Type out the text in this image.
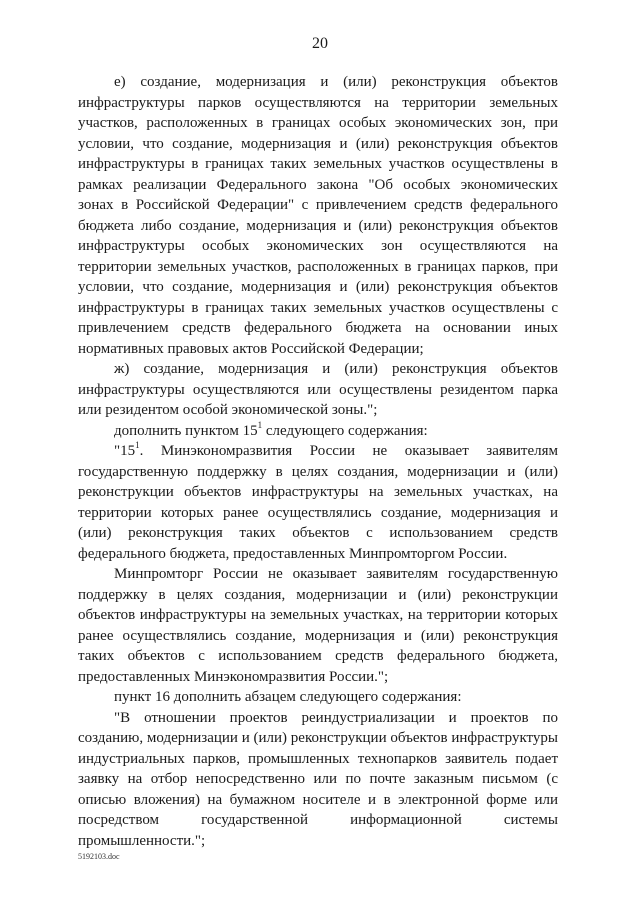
20

е) создание, модернизация и (или) реконструкция объектов инфраструктуры парков осуществляются на территории земельных участков, расположенных в границах особых экономических зон, при условии, что создание, модернизация и (или) реконструкция объектов инфраструктуры в границах таких земельных участков осуществлены в рамках реализации Федерального закона "Об особых экономических зонах в Российской Федерации" с привлечением средств федерального бюджета либо создание, модернизация и (или) реконструкция объектов инфраструктуры особых экономических зон осуществляются на территории земельных участков, расположенных в границах парков, при условии, что создание, модернизация и (или) реконструкция объектов инфраструктуры в границах таких земельных участков осуществлены с привлечением средств федерального бюджета на основании иных нормативных правовых актов Российской Федерации;

ж) создание, модернизация и (или) реконструкция объектов инфраструктуры осуществляются или осуществлены резидентом парка или резидентом особой экономической зоны.";

дополнить пунктом $15^1$ следующего содержания:

"$15^1$. Минэкономразвития России не оказывает заявителям государственную поддержку в целях создания, модернизации и (или) реконструкции объектов инфраструктуры на земельных участках, на территории которых ранее осуществлялись создание, модернизация и (или) реконструкция таких объектов с использованием средств федерального бюджета, предоставленных Минпромторгом России.

Минпромторг России не оказывает заявителям государственную поддержку в целях создания, модернизации и (или) реконструкции объектов инфраструктуры на земельных участках, на территории которых ранее осуществлялись создание, модернизация и (или) реконструкция таких объектов с использованием средств федерального бюджета, предоставленных Минэкономразвития России.";

пункт 16 дополнить абзацем следующего содержания:

"В отношении проектов реиндустриализации и проектов по созданию, модернизации и (или) реконструкции объектов инфраструктуры индустриальных парков, промышленных технопарков заявитель подает заявку на отбор непосредственно или по почте заказным письмом (с описью вложения) на бумажном носителе и в электронной форме или посредством государственной информационной системы промышленности.";

5192103.doc
